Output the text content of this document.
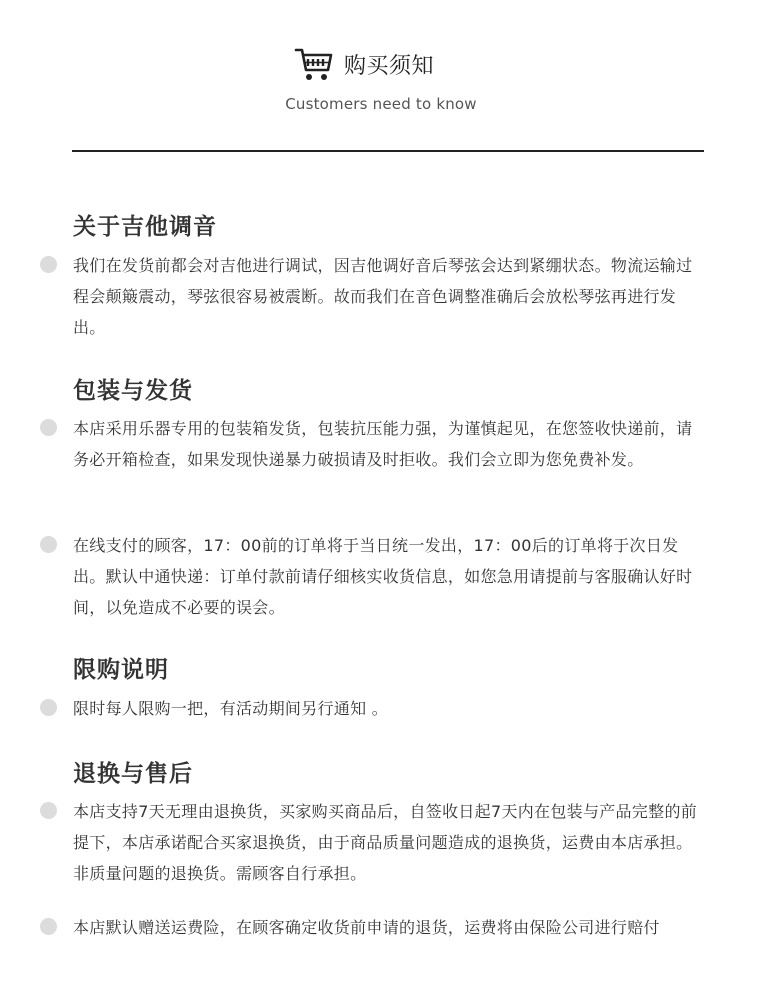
购买须知
Customers need to know
关于吉他调音
我们在发货前都会对吉他进行调试，因吉他调好音后琴弦会达到紧绷状态。物流运输过程会颠簸震动，琴弦很容易被震断。故而我们在音色调整准确后会放松琴弦再进行发出。
包装与发货
本店采用乐器专用的包装箱发货，包装抗压能力强，为谨慎起见，在您签收快递前，请务必开箱检查，如果发现快递暴力破损请及时拒收。我们会立即为您免费补发。
在线支付的顾客，17：00前的订单将于当日统一发出，17：00后的订单将于次日发出。默认中通快递：订单付款前请仔细核实收货信息，如您急用请提前与客服确认好时间，以免造成不必要的误会。
限购说明
限时每人限购一把，有活动期间另行通知 。
退换与售后
本店支持7天无理由退换货，买家购买商品后，自签收日起7天内在包装与产品完整的前提下，本店承诺配合买家退换货，由于商品质量问题造成的退换货，运费由本店承担。非质量问题的退换货。需顾客自行承担。
本店默认赠送运费险，在顾客确定收货前申请的退货，运费将由保险公司进行赔付
